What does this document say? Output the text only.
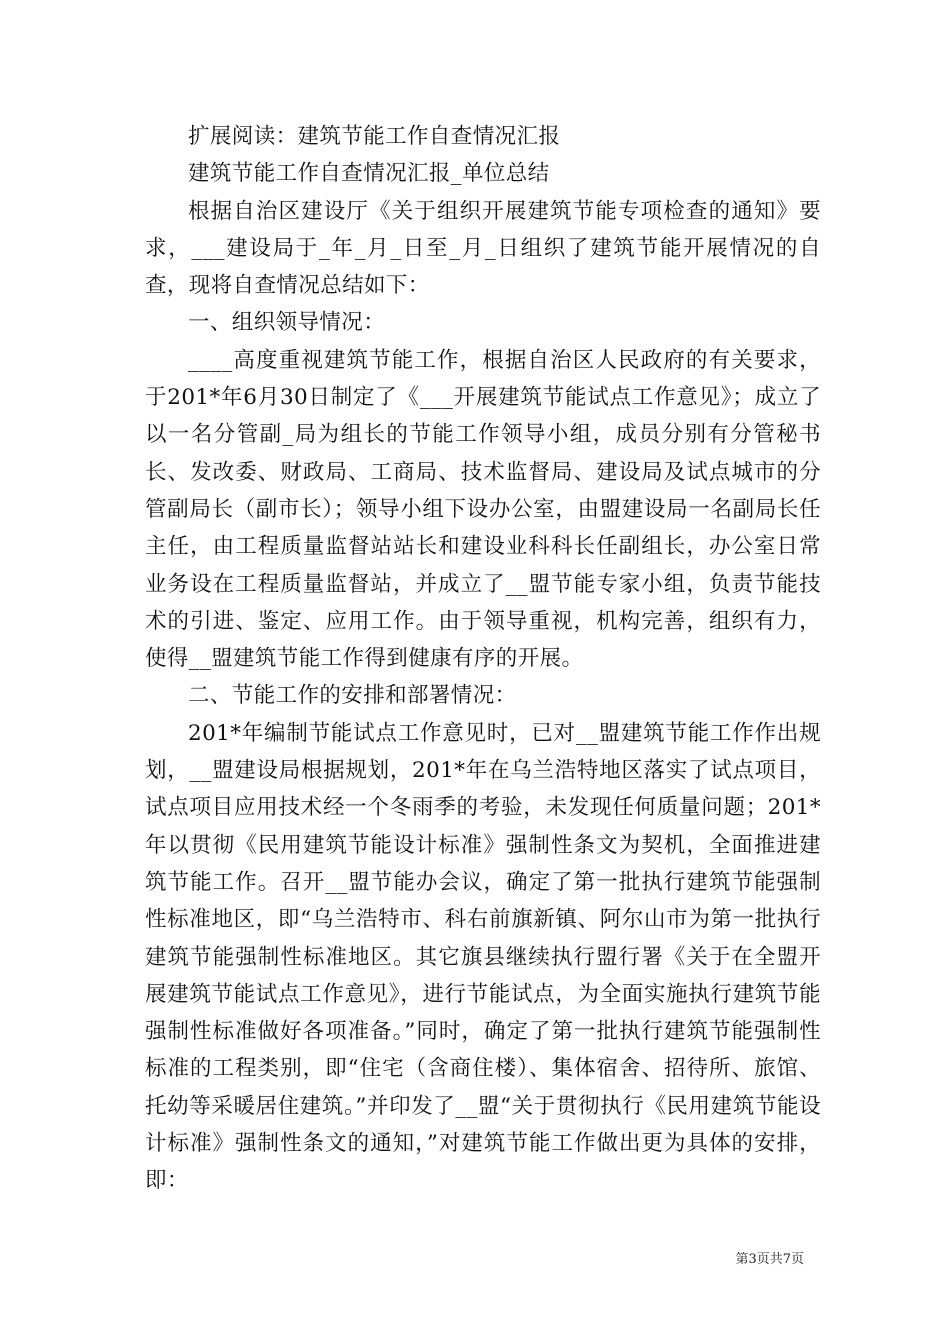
扩展阅读：建筑节能工作自查情况汇报

建筑节能工作自查情况汇报_单位总结

根据自治区建设厅《关于组织开展建筑节能专项检查的通知》要求，___建设局于_年_月_日至_月_日组织了建筑节能开展情况的自查，现将自查情况总结如下：

一、组织领导情况：

____高度重视建筑节能工作，根据自治区人民政府的有关要求，于201*年6月30日制定了《___开展建筑节能试点工作意见》；成立了以一名分管副_局为组长的节能工作领导小组，成员分别有分管秘书长、发改委、财政局、工商局、技术监督局、建设局及试点城市的分管副局长（副市长）；领导小组下设办公室，由盟建设局一名副局长任主任，由工程质量监督站站长和建设业科科长任副组长，办公室日常业务设在工程质量监督站，并成立了__盟节能专家小组，负责节能技术的引进、鉴定、应用工作。由于领导重视，机构完善，组织有力，使得__盟建筑节能工作得到健康有序的开展。

二、节能工作的安排和部署情况：

201*年编制节能试点工作意见时，已对__盟建筑节能工作作出规划，__盟建设局根据规划，201*年在乌兰浩特地区落实了试点项目，试点项目应用技术经一个冬雨季的考验，未发现任何质量问题；201*年以贯彻《民用建筑节能设计标准》强制性条文为契机，全面推进建筑节能工作。召开__盟节能办会议，确定了第一批执行建筑节能强制性标准地区，即“乌兰浩特市、科右前旗新镇、阿尔山市为第一批执行建筑节能强制性标准地区。其它旗县继续执行盟行署《关于在全盟开展建筑节能试点工作意见》，进行节能试点，为全面实施执行建筑节能强制性标准做好各项准备。”同时，确定了第一批执行建筑节能强制性标准的工程类别，即“住宅（含商住楼）、集体宿舍、招待所、旅馆、托幼等采暖居住建筑。”并印发了__盟“关于贯彻执行《民用建筑节能设计标准》强制性条文的通知，”对建筑节能工作做出更为具体的安排，即：

第3页共7页
